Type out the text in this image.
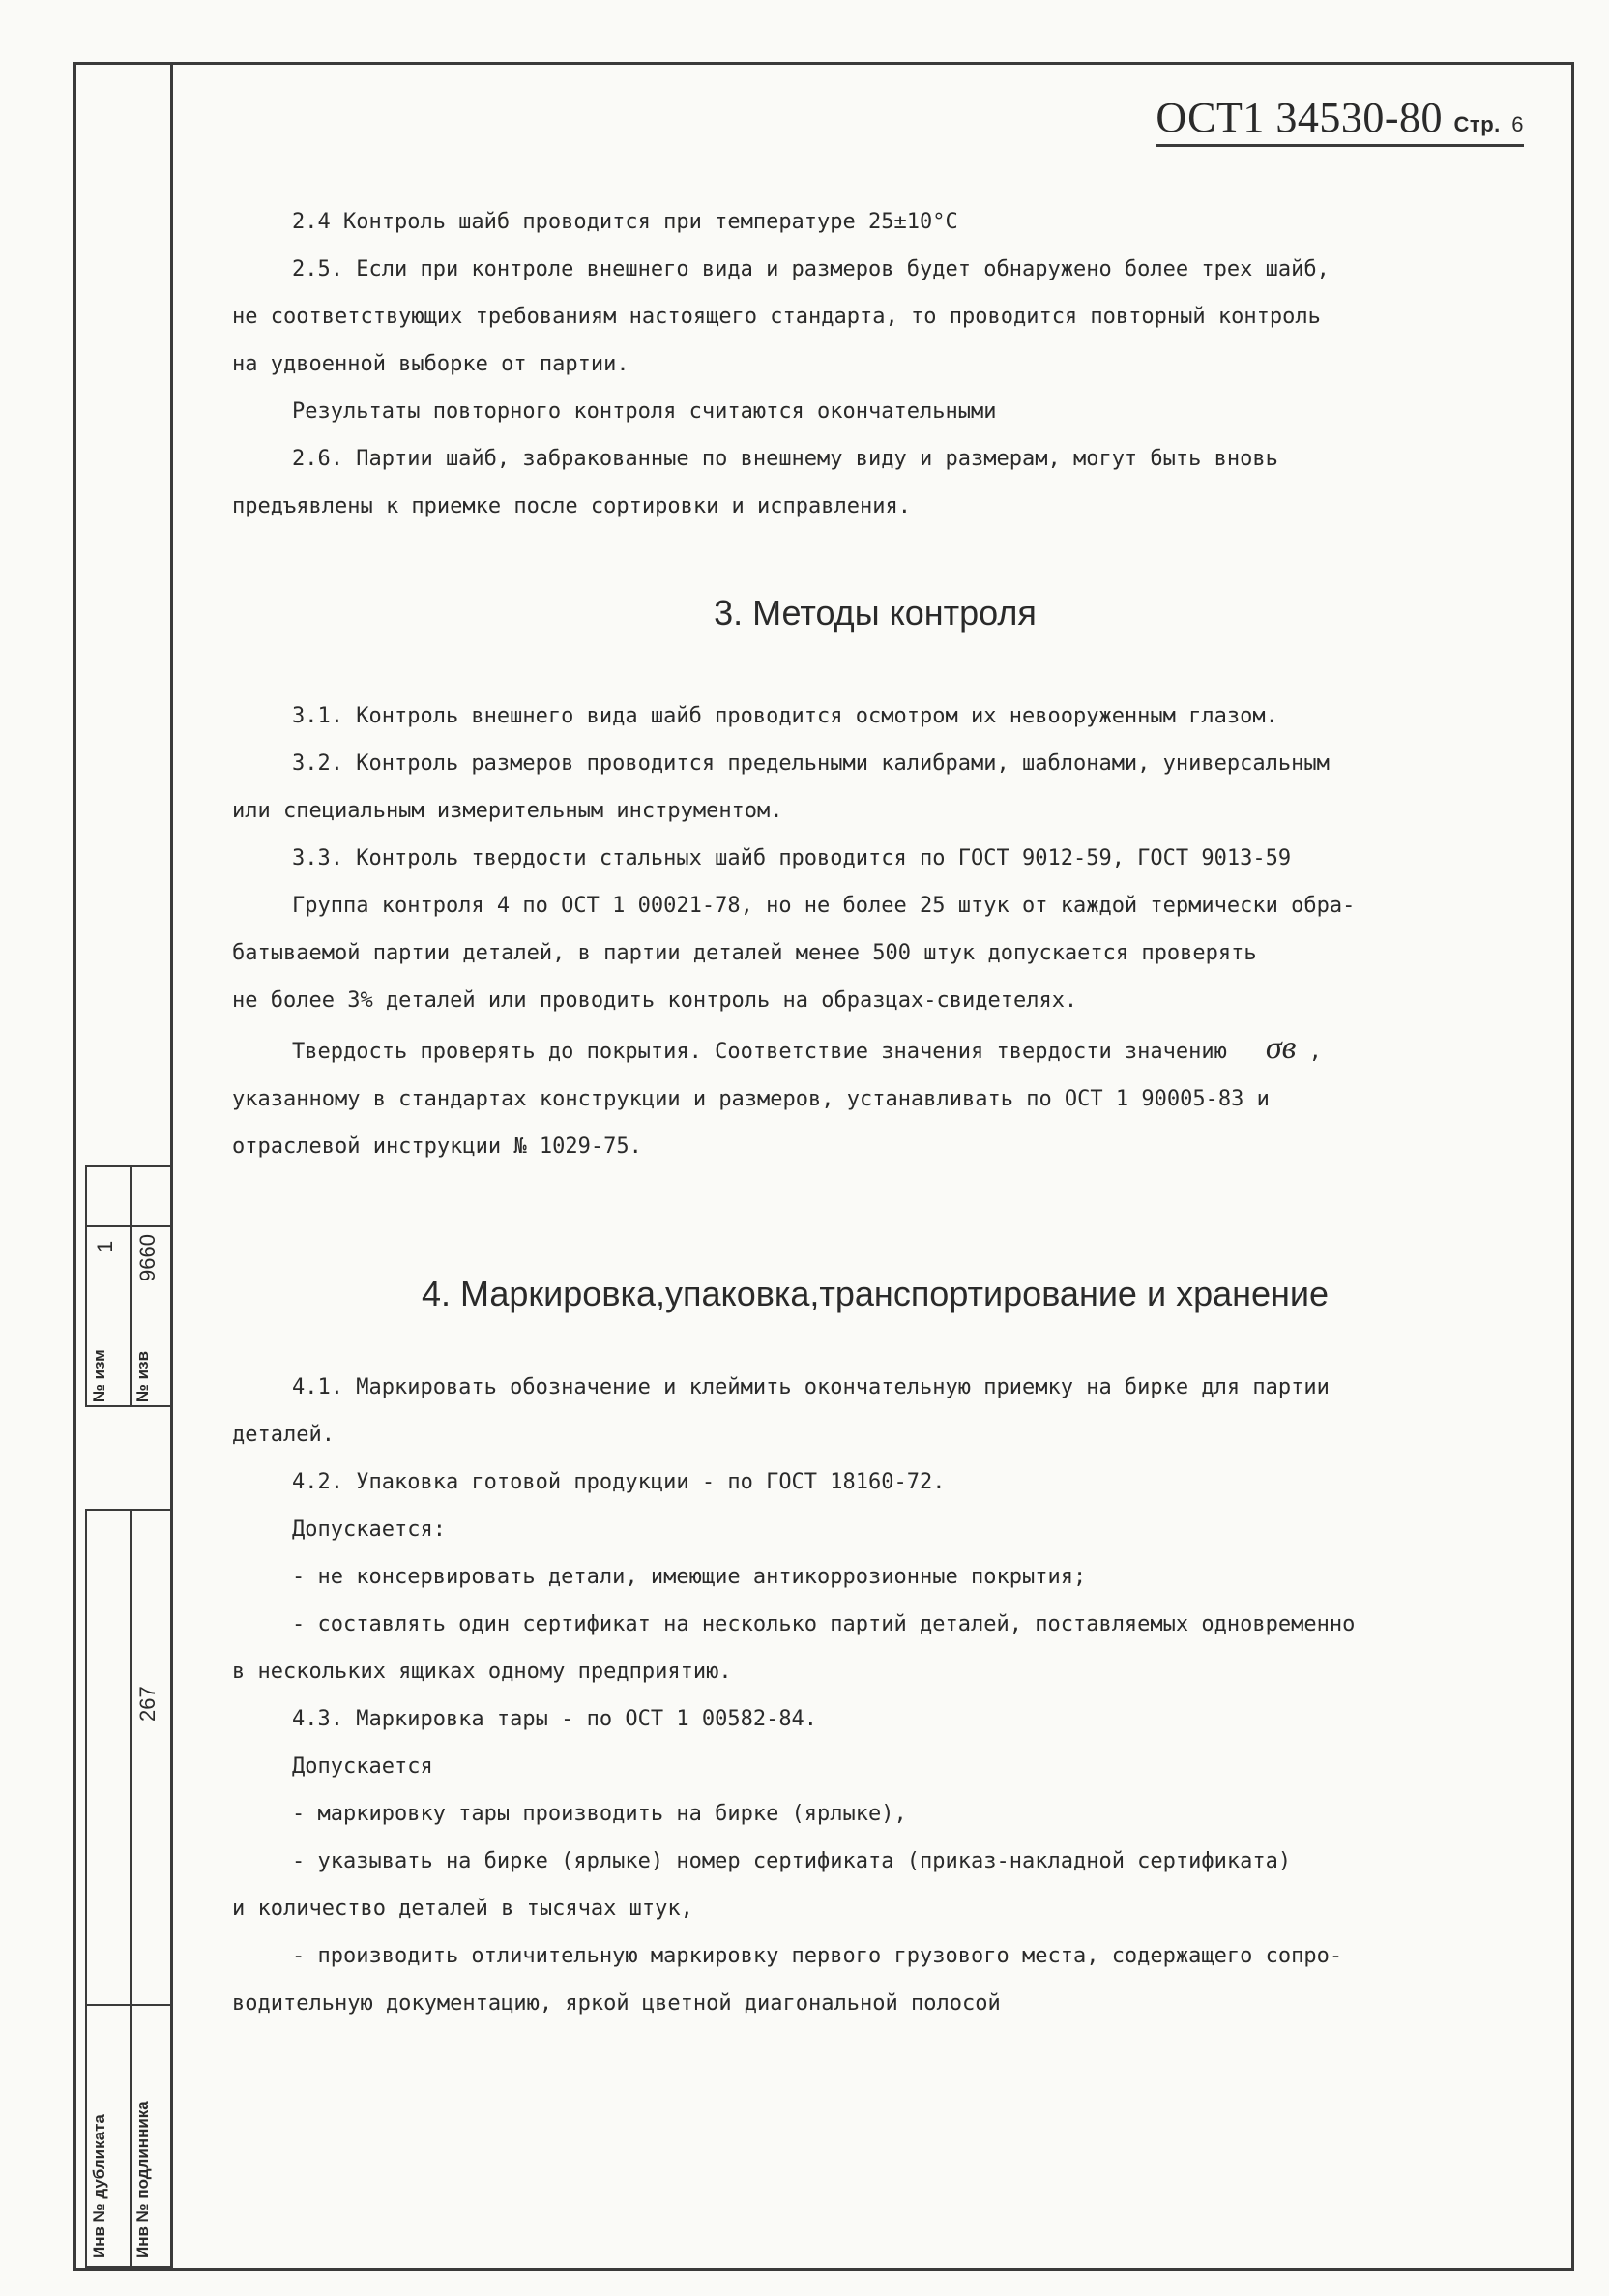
№ изм № изв
1 9660
Инв № дубликата Инв № подлинника
267
ОСТ1 34530-80 Стр. 6

2.4 Контроль шайб проводится при температуре 25±10°С

2.5. Если при контроле внешнего вида и размеров будет обнаружено более трех шайб,

не соответствующих требованиям настоящего стандарта, то проводится повторный контроль

на удвоенной выборке от партии.

Результаты повторного контроля считаются окончательными

2.6. Партии шайб, забракованные по внешнему виду и размерам, могут быть вновь

предъявлены к приемке после сортировки и исправления.

3. Методы контроля

3.1. Контроль внешнего вида шайб проводится осмотром их невооруженным глазом.

3.2. Контроль размеров проводится предельными калибрами, шаблонами, универсальным

или специальным измерительным инструментом.

3.3. Контроль твердости стальных шайб проводится по ГОСТ 9012-59, ГОСТ 9013-59

Группа контроля 4 по ОСТ 1 00021-78, но не более 25 штук от каждой термически обра-

батываемой партии деталей, в партии деталей менее 500 штук допускается проверять

не более 3% деталей или проводить контроль на образцах-свидетелях.

Твердость проверять до покрытия. Соответствие значения твердости значению σв ,

указанному в стандартах конструкции и размеров, устанавливать по ОСТ 1 90005-83 и

отраслевой инструкции № 1029-75.

4. Маркировка,упаковка,транспортирование и хранение

4.1. Маркировать обозначение и клеймить окончательную приемку на бирке для партии

деталей.

4.2. Упаковка готовой продукции - по ГОСТ 18160-72.

Допускается:

- не консервировать детали, имеющие антикоррозионные покрытия;

- составлять один сертификат на несколько партий деталей, поставляемых одновременно

в нескольких ящиках одному предприятию.

4.3. Маркировка тары - по ОСТ 1 00582-84.

Допускается

- маркировку тары производить на бирке (ярлыке),

- указывать на бирке (ярлыке) номер сертификата (приказ-накладной сертификата)

и количество деталей в тысячах штук,

- производить отличительную маркировку первого грузового места, содержащего сопро-

водительную документацию, яркой цветной диагональной полосой
